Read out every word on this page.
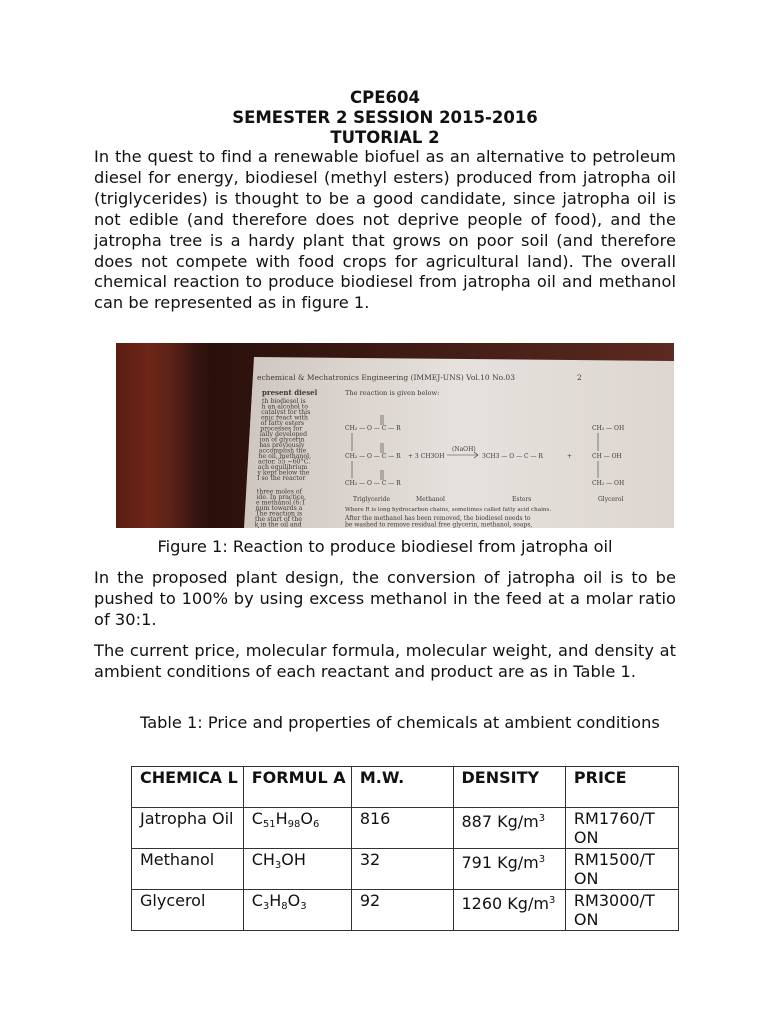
CPE604
SEMESTER 2 SESSION 2015-2016
TUTORIAL 2

In the quest to find a renewable biofuel as an alternative to petroleum diesel for energy, biodiesel (methyl esters) produced from jatropha oil (triglycerides) is thought to be a good candidate, since jatropha oil is not edible (and therefore does not deprive people of food), and the jatropha tree is a hardy plant that grows on poor soil (and therefore does not compete with food crops for agricultural land). The overall chemical reaction to produce biodiesel from jatropha oil and methanol can be represented as in figure 1.

echemical & Mechatronics Engineering (IMMEJ-UNS) Vol.10 No.03	2
present diesel
th biodiesel is
h an alcohol to
catalyst for this
enic react with
of fatty esters
processes for
ially developed
ion of glycerin
has previously
accomplish the
he oil, methanol,
actor. 55 ~60°C.
ach equilibrium
y kept below the
I so the reactor
three moles of
ide. In practice,
e methanol (6:1
num towards a
The reaction is
the start of the
k in the oil and
The reaction is given below:
CH₂ — O — C — R
CH₂ — O — C — R
CH₂ — O — C — R
+ 3 CH3OH
(NaOH)
3CH3 — O — C — R	+
CH₂ — OH
CH — OH
CH₂ — OH
Triglyceride	Methanol	Esters	Glycerol
Where R is long hydrocarbon chains, sometimes called fatty acid chains.
After the methanol has been removed, the biodiesel needs to
be washed to remove residual free glycerin, methanol, soaps,
Figure 1: Reaction to produce biodiesel from jatropha oil

In the proposed plant design, the conversion of jatropha oil is to be pushed to 100% by using excess methanol in the feed at a molar ratio of 30:1.

The current price, molecular formula, molecular weight, and density at ambient conditions of each reactant and product are as in Table 1.

Table 1: Price and properties of chemicals at ambient conditions
CHEMICA L	FORMUL A	M.W.	DENSITY	PRICE
Jatropha Oil	$C_{51}H_{98}O_6$	816	887 $Kg/m^3$	RM1760/T ON
Methanol	$CH_3OH$	32	791 $Kg/m^3$	RM1500/T ON
Glycerol	$C_3H_8O_3$	92	1260 $Kg/m^3$	RM3000/T ON
